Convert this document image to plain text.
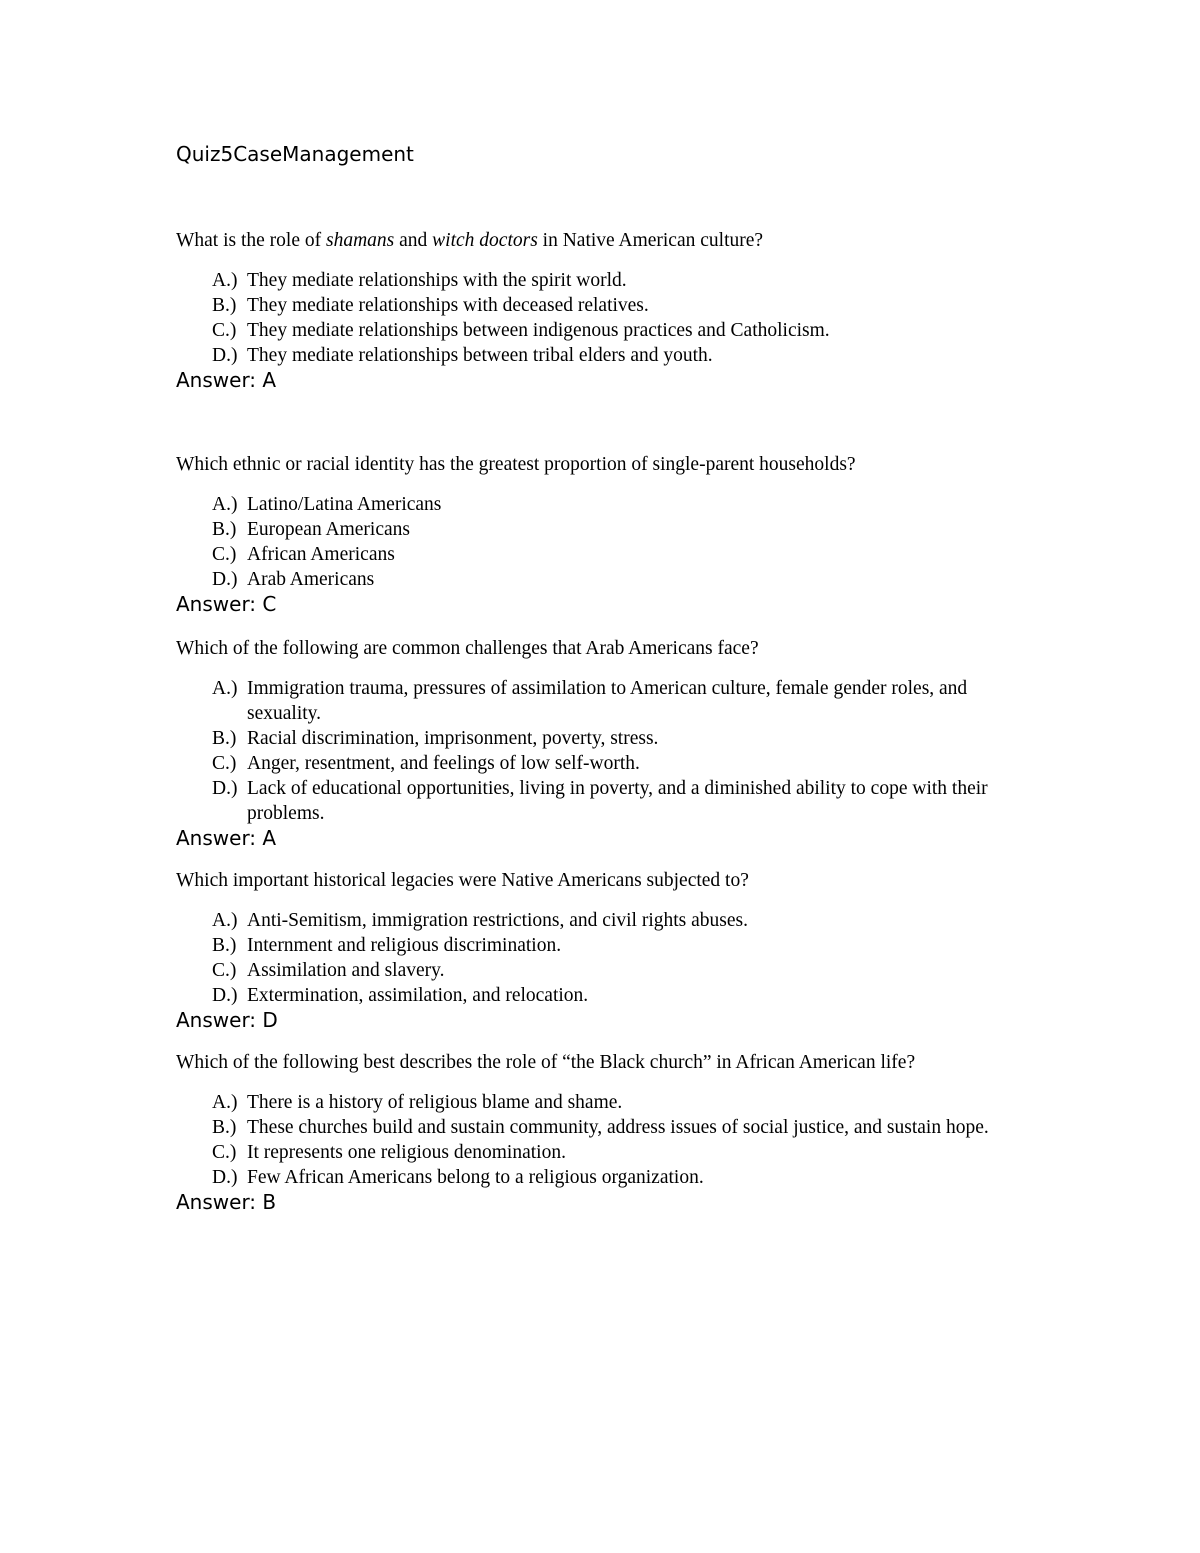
Quiz5CaseManagement
What is the role of shamans and witch doctors in Native American culture?
A.) They mediate relationships with the spirit world.
B.) They mediate relationships with deceased relatives.
C.) They mediate relationships between indigenous practices and Catholicism.
D.) They mediate relationships between tribal elders and youth.
Answer: A
Which ethnic or racial identity has the greatest proportion of single-parent households?
A.) Latino/Latina Americans
B.) European Americans
C.) African Americans
D.) Arab Americans
Answer: C
Which of the following are common challenges that Arab Americans face?
A.) Immigration trauma, pressures of assimilation to American culture, female gender roles, and sexuality.
B.) Racial discrimination, imprisonment, poverty, stress.
C.) Anger, resentment, and feelings of low self-worth.
D.) Lack of educational opportunities, living in poverty, and a diminished ability to cope with their problems.
Answer: A
Which important historical legacies were Native Americans subjected to?
A.) Anti-Semitism, immigration restrictions, and civil rights abuses.
B.) Internment and religious discrimination.
C.) Assimilation and slavery.
D.) Extermination, assimilation, and relocation.
Answer: D
Which of the following best describes the role of “the Black church” in African American life?
A.) There is a history of religious blame and shame.
B.) These churches build and sustain community, address issues of social justice, and sustain hope.
C.) It represents one religious denomination.
D.) Few African Americans belong to a religious organization.
Answer: B
